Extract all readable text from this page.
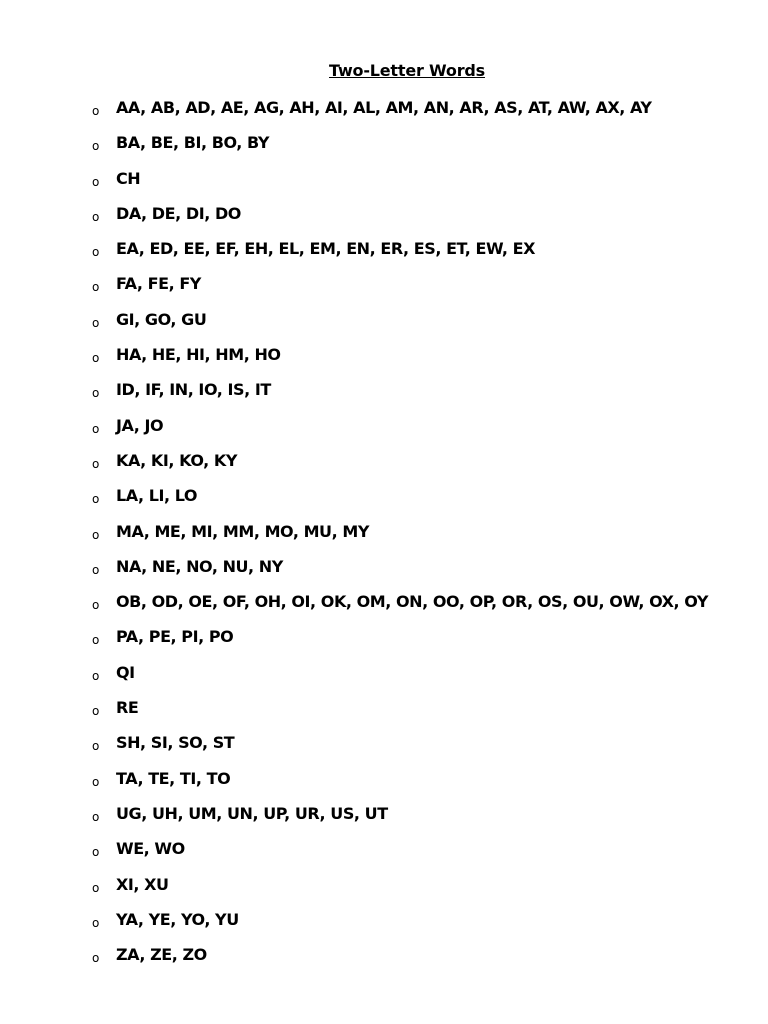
Two-Letter Words
o AA, AB, AD, AE, AG, AH, AI, AL, AM, AN, AR, AS, AT, AW, AX, AY
o BA, BE, BI, BO, BY
o CH
o DA, DE, DI, DO
o EA, ED, EE, EF, EH, EL, EM, EN, ER, ES, ET, EW, EX
o FA, FE, FY
o GI, GO, GU
o HA, HE, HI, HM, HO
o ID, IF, IN, IO, IS, IT
o JA, JO
o KA, KI, KO, KY
o LA, LI, LO
o MA, ME, MI, MM, MO, MU, MY
o NA, NE, NO, NU, NY
o OB, OD, OE, OF, OH, OI, OK, OM, ON, OO, OP, OR, OS, OU, OW, OX, OY
o PA, PE, PI, PO
o QI
o RE
o SH, SI, SO, ST
o TA, TE, TI, TO
o UG, UH, UM, UN, UP, UR, US, UT
o WE, WO
o XI, XU
o YA, YE, YO, YU
o ZA, ZE, ZO
